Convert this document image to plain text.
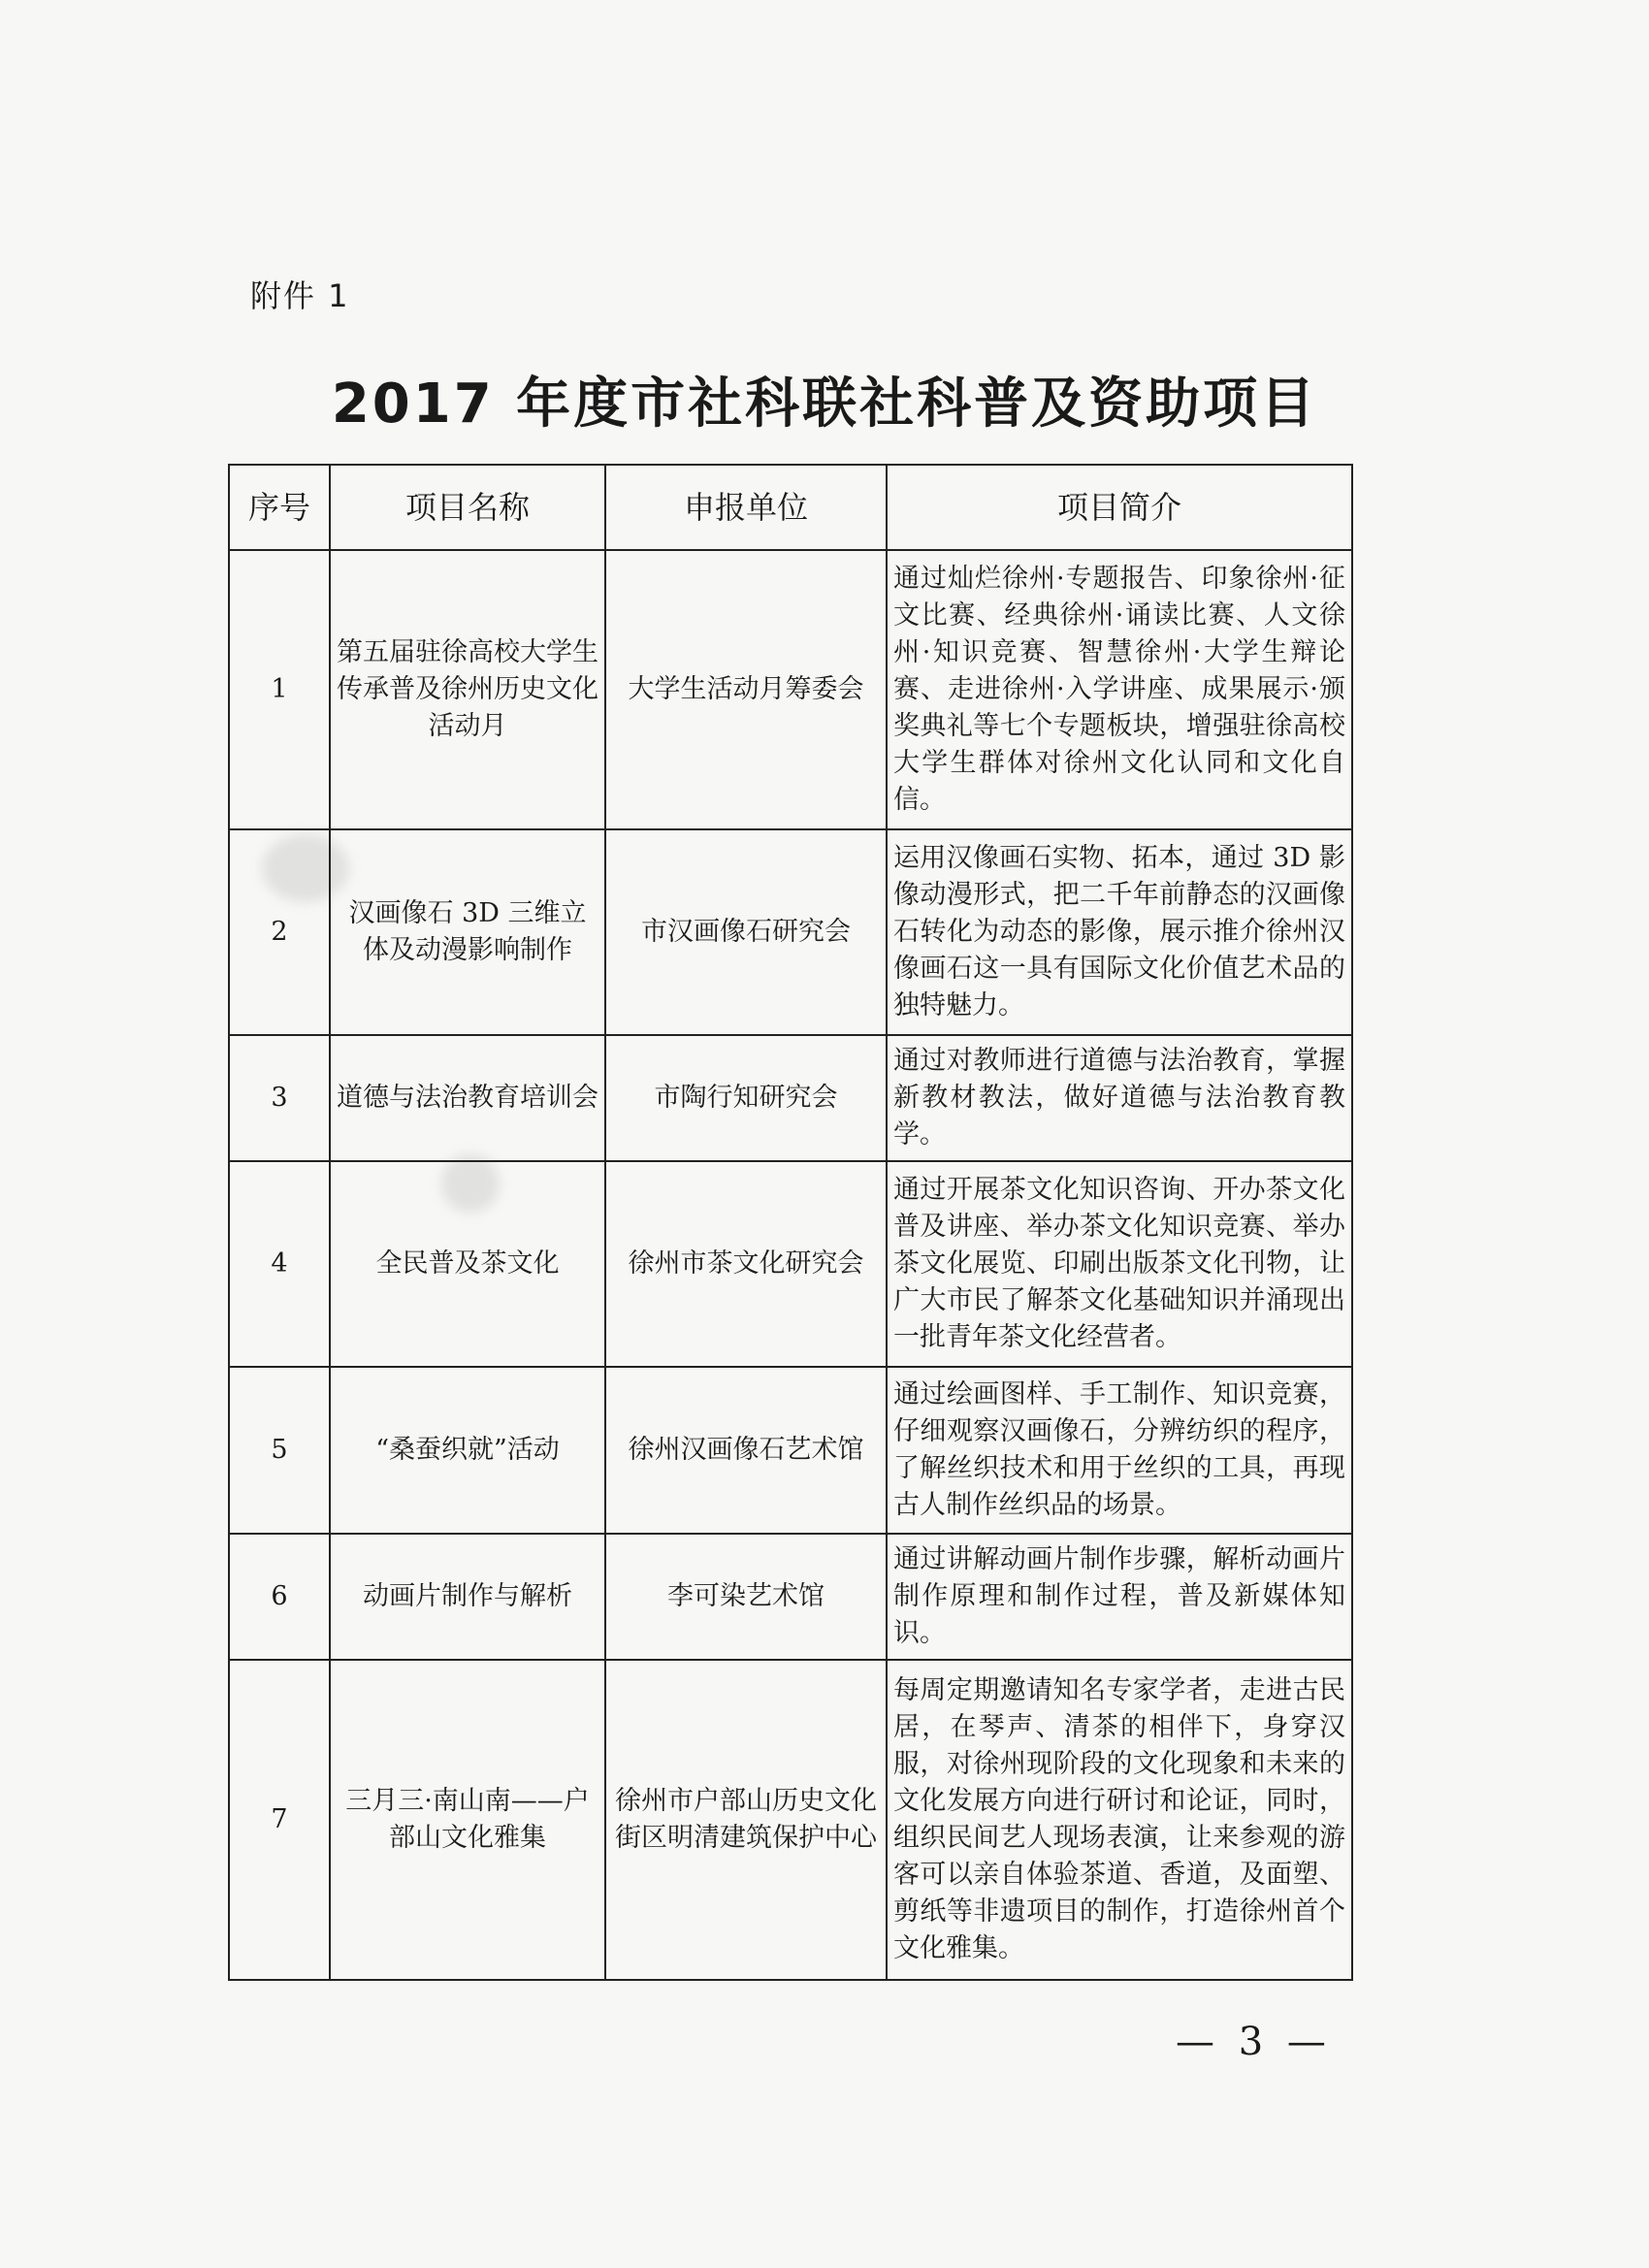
附件 1
2017 年度市社科联社科普及资助项目
序号	项目名称	申报单位	项目简介
1	第五届驻徐高校大学生传承普及徐州历史文化活动月	大学生活动月筹委会	通过灿烂徐州·专题报告、印象徐州·征文比赛、经典徐州·诵读比赛、人文徐州·知识竞赛、智慧徐州·大学生辩论赛、走进徐州·入学讲座、成果展示·颁奖典礼等七个专题板块，增强驻徐高校大学生群体对徐州文化认同和文化自信。
2	汉画像石 3D 三维立体及动漫影响制作	市汉画像石研究会	运用汉像画石实物、拓本，通过 3D 影像动漫形式，把二千年前静态的汉画像石转化为动态的影像，展示推介徐州汉像画石这一具有国际文化价值艺术品的独特魅力。
3	道德与法治教育培训会	市陶行知研究会	通过对教师进行道德与法治教育，掌握新教材教法，做好道德与法治教育教学。
4	全民普及茶文化	徐州市茶文化研究会	通过开展茶文化知识咨询、开办茶文化普及讲座、举办茶文化知识竞赛、举办茶文化展览、印刷出版茶文化刊物，让广大市民了解茶文化基础知识并涌现出一批青年茶文化经营者。
5	“桑蚕织就”活动	徐州汉画像石艺术馆	通过绘画图样、手工制作、知识竞赛，仔细观察汉画像石，分辨纺织的程序，了解丝织技术和用于丝织的工具，再现古人制作丝织品的场景。
6	动画片制作与解析	李可染艺术馆	通过讲解动画片制作步骤，解析动画片制作原理和制作过程，普及新媒体知识。
7	三月三·南山南——户部山文化雅集	徐州市户部山历史文化街区明清建筑保护中心	每周定期邀请知名专家学者，走进古民居，在琴声、清茶的相伴下，身穿汉服，对徐州现阶段的文化现象和未来的文化发展方向进行研讨和论证，同时，组织民间艺人现场表演，让来参观的游客可以亲自体验茶道、香道，及面塑、剪纸等非遗项目的制作，打造徐州首个文化雅集。
— 3 —
